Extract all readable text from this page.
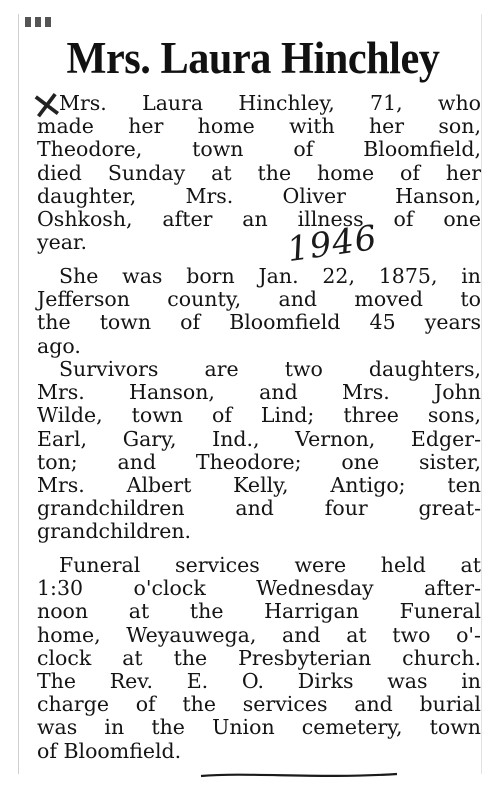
Mrs. Laura Hinchley
✕

Mrs. Laura Hinchley, 71, who
made her home with her son,
Theodore, town of Bloomfield,
died Sunday at the home of her
daughter, Mrs. Oliver Hanson,
Oshkosh, after an illness of one
year.	1946

She was born Jan. 22, 1875, in
Jefferson county, and moved to
the town of Bloomfield 45 years
ago.

Survivors are two daughters,
Mrs. Hanson, and Mrs. John
Wilde, town of Lind; three sons,
Earl, Gary, Ind., Vernon, Edger-
ton; and Theodore; one sister,
Mrs. Albert Kelly, Antigo; ten
grandchildren and four great-
grandchildren.

Funeral services were held at
1:30 o'clock Wednesday after-
noon at the Harrigan Funeral
home, Weyauwega, and at two o'-
clock at the Presbyterian church.
The Rev. E. O. Dirks was in
charge of the services and burial
was in the Union cemetery, town
of Bloomfield.
